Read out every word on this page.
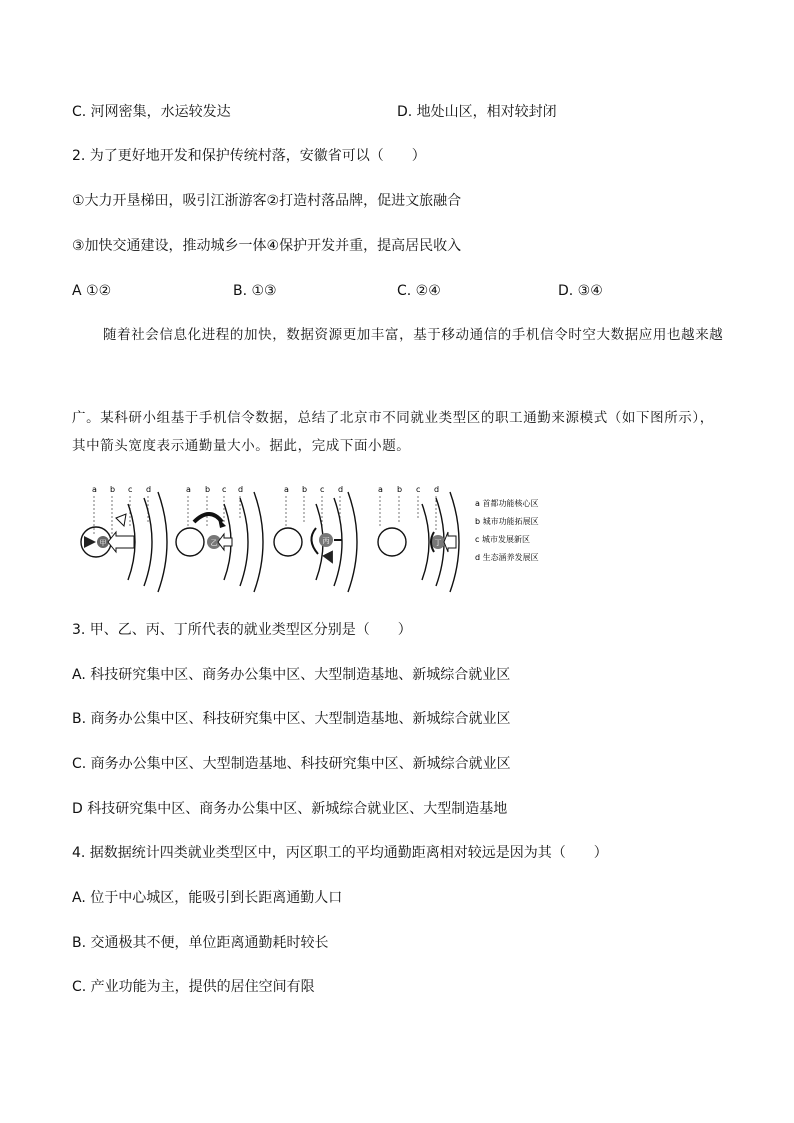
C. 河网密集，水运较发达	D. 地处山区，相对较封闭
2. 为了更好地开发和保护传统村落，安徽省可以（　　）
①大力开垦梯田，吸引江浙游客②打造村落品牌，促进文旅融合
③加快交通建设，推动城乡一体④保护开发并重，提高居民收入
A ①②	B. ①③	C. ②④	D. ③④
随着社会信息化进程的加快，数据资源更加丰富，基于移动通信的手机信令时空大数据应用也越来越
广。某科研小组基于手机信令数据，总结了北京市不同就业类型区的职工通勤来源模式（如下图所示），
其中箭头宽度表示通勤量大小。据此，完成下面小题。
a b c d
甲
a b c d
乙
a b c d
丙
a b c d
丁
a 首都功能核心区
b 城市功能拓展区
c 城市发展新区
d 生态涵养发展区
3. 甲、乙、丙、丁所代表的就业类型区分别是（　　）
A. 科技研究集中区、商务办公集中区、大型制造基地、新城综合就业区
B. 商务办公集中区、科技研究集中区、大型制造基地、新城综合就业区
C. 商务办公集中区、大型制造基地、科技研究集中区、新城综合就业区
D 科技研究集中区、商务办公集中区、新城综合就业区、大型制造基地
4. 据数据统计四类就业类型区中，丙区职工的平均通勤距离相对较远是因为其（　　）
A. 位于中心城区，能吸引到长距离通勤人口
B. 交通极其不便，单位距离通勤耗时较长
C. 产业功能为主，提供的居住空间有限
